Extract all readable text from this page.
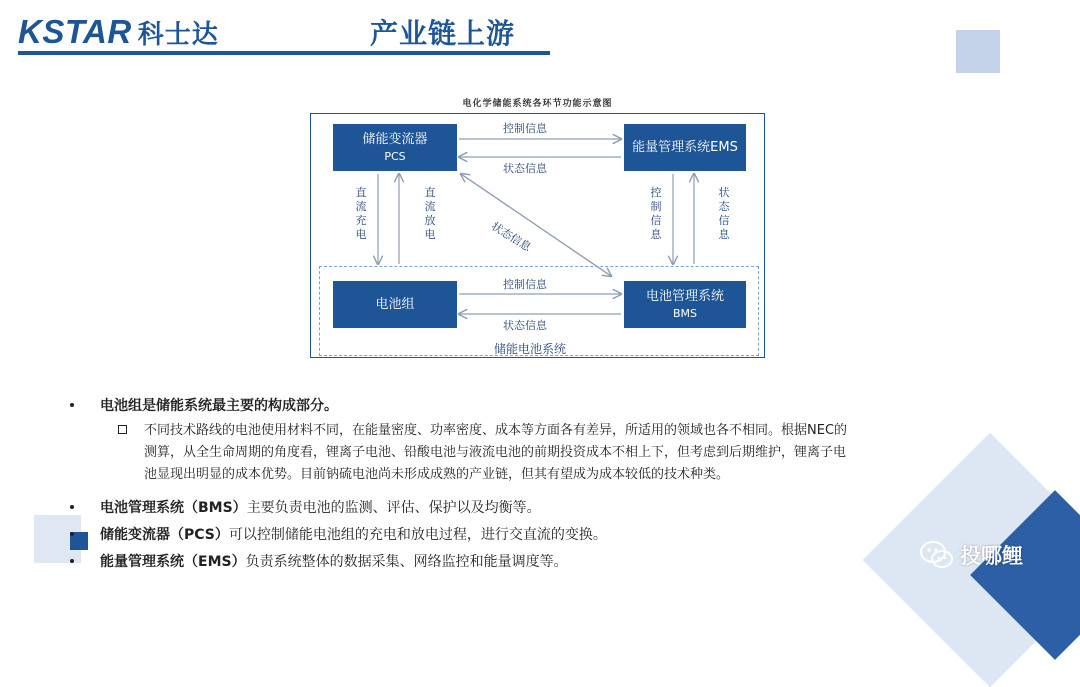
KSTAR 科士达	产业链上游
电化学储能系统各环节功能示意图
储能电池系统
储能变流器
PCS
能量管理系统EMS
电池组
电池管理系统
BMS
控制信息
状态信息
直流充电
直流放电
控制信息
状态信息
状态信息
控制信息
状态信息
电池组是储能系统最主要的构成部分。
不同技术路线的电池使用材料不同，在能量密度、功率密度、成本等方面各有差异，所适用的领域也各不相同。根据NEC的
测算，从全生命周期的角度看，锂离子电池、铅酸电池与液流电池的前期投资成本不相上下，但考虑到后期维护，锂离子电
池显现出明显的成本优势。目前钠硫电池尚未形成成熟的产业链，但其有望成为成本较低的技术种类。
电池管理系统（BMS）主要负责电池的监测、评估、保护以及均衡等。
储能变流器（PCS）可以控制储能电池组的充电和放电过程，进行交直流的变换。
能量管理系统（EMS）负责系统整体的数据采集、网络监控和能量调度等。	投哪鲤
